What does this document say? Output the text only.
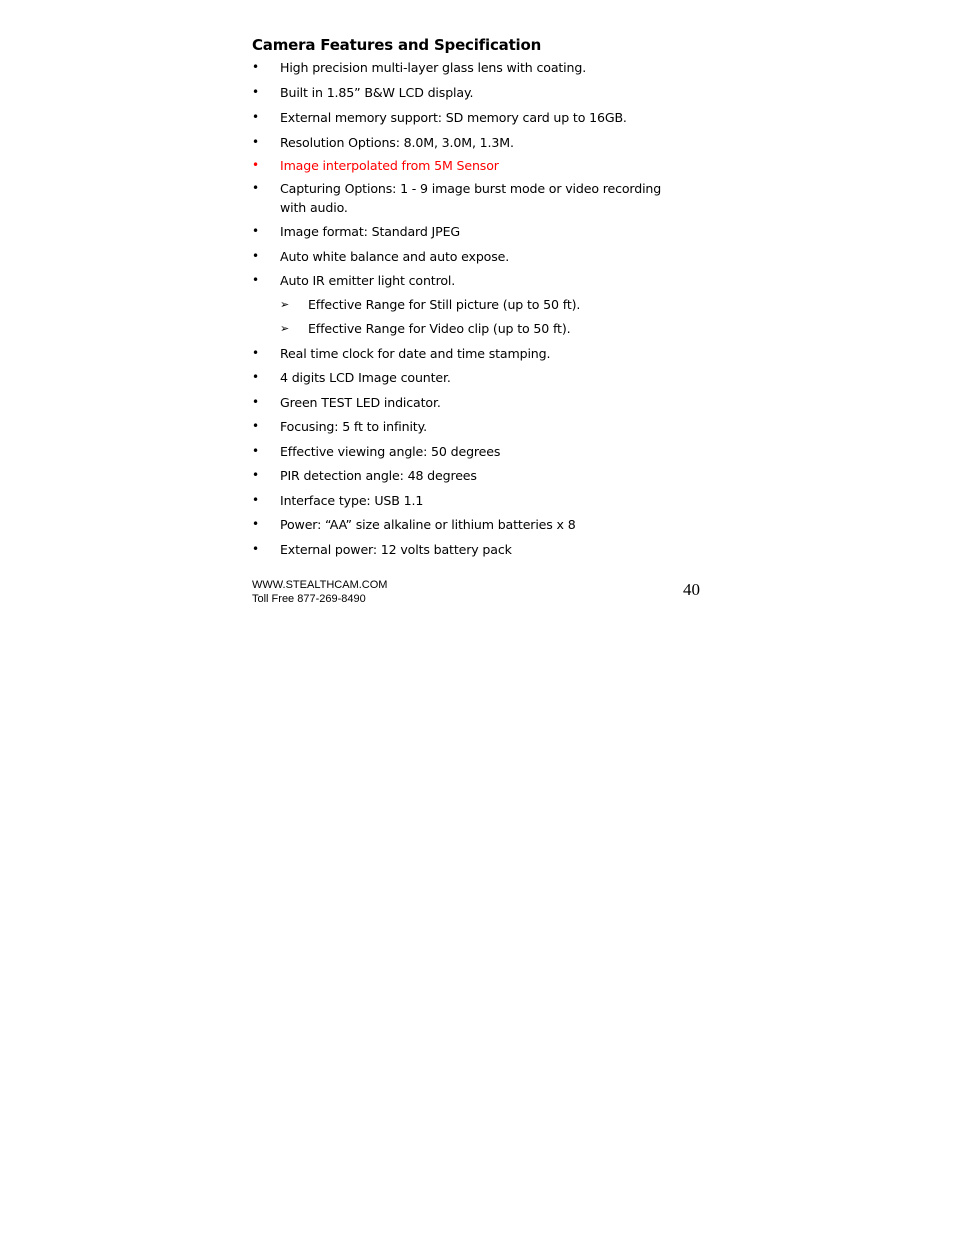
Camera Features and Specification
• High precision multi-layer glass lens with coating.
• Built in 1.85” B&W LCD display.
• External memory support: SD memory card up to 16GB.
• Resolution Options: 8.0M, 3.0M, 1.3M.
• Image interpolated from 5M Sensor
• Capturing Options: 1 - 9 image burst mode or video recording with audio.
• Image format: Standard JPEG
• Auto white balance and auto expose.
• Auto IR emitter light control.
➢	Effective Range for Still picture (up to 50 ft).
➢	Effective Range for Video clip (up to 50 ft).
• Real time clock for date and time stamping.
• 4 digits LCD Image counter.
• Green TEST LED indicator.
• Focusing: 5 ft to infinity.
• Effective viewing angle: 50 degrees
• PIR detection angle: 48 degrees
• Interface type: USB 1.1
• Power: “AA” size alkaline or lithium batteries x 8
• External power: 12 volts battery pack
WWW.STEALTHCAM.COM
Toll Free 877-269-8490	40
